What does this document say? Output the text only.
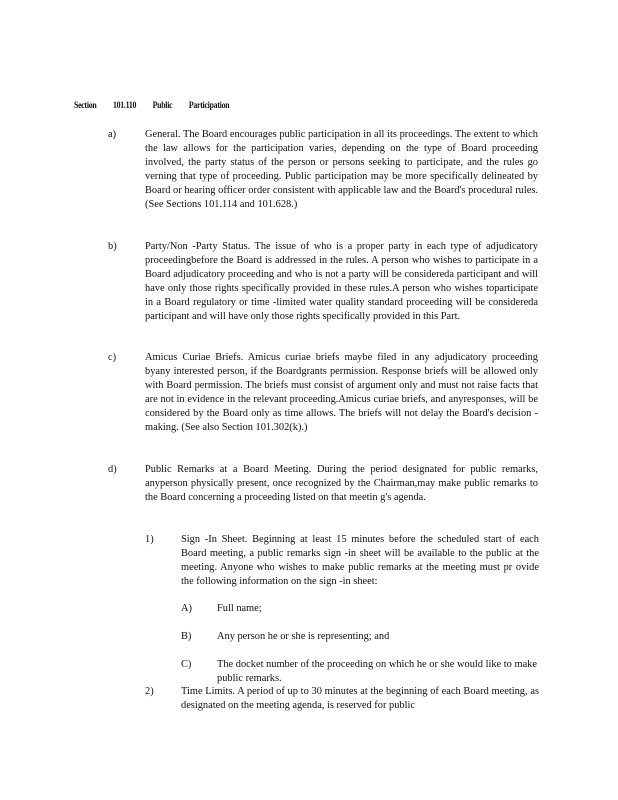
Section 101.110 Public Participation
a)	General. The Board encourages public participation in all its proceedings. The extent to which the law allows for the participation varies, depending on the type of Board proceeding involved, the party status of the person or persons seeking to participate, and the rules go verning that type of proceeding. Public participation may be more specifically delineated by Board or hearing officer order consistent with applicable law and the Board's procedural rules. (See Sections 101.114 and 101.628.)

b)	Party/Non -Party Status. The issue of who is a proper party in each type of adjudicatory proceedingbefore the Board is addressed in the rules. A person who wishes to participate in a Board adjudicatory proceeding and who is not a party will be considereda participant and will have only those rights specifically provided in these rules.A person who wishes toparticipate in a Board regulatory or time -limited water quality standard proceeding will be considereda participant and will have only those rights specifically provided in this Part.

c)	Amicus Curiae Briefs. Amicus curiae briefs maybe filed in any adjudicatory proceeding byany interested person, if the Boardgrants permission. Response briefs will be allowed only with Board permission. The briefs must consist of argument only and must not raise facts that are not in evidence in the relevant proceeding.Amicus curiae briefs, and anyresponses, will be considered by the Board only as time allows. The briefs will not delay the Board's decision -making. (See also Section 101.302(k).)

d)	Public Remarks at a Board Meeting. During the period designated for public remarks, anyperson physically present, once recognized by the Chairman,may make public remarks to the Board concerning a proceeding listed on that meetin g's agenda.

1)	Sign -In Sheet. Beginning at least 15 minutes before the scheduled start of each Board meeting, a public remarks sign -in sheet will be available to the public at the meeting. Anyone who wishes to make public remarks at the meeting must pr ovide the following information on the sign -in sheet:

A) Full name;

B) Any person he or she is representing; and

C) The docket number of the proceeding on which he or she would like to make public remarks.

2)	Time Limits. A period of up to 30 minutes at the beginning of each Board meeting, as designated on the meeting agenda, is reserved for public
